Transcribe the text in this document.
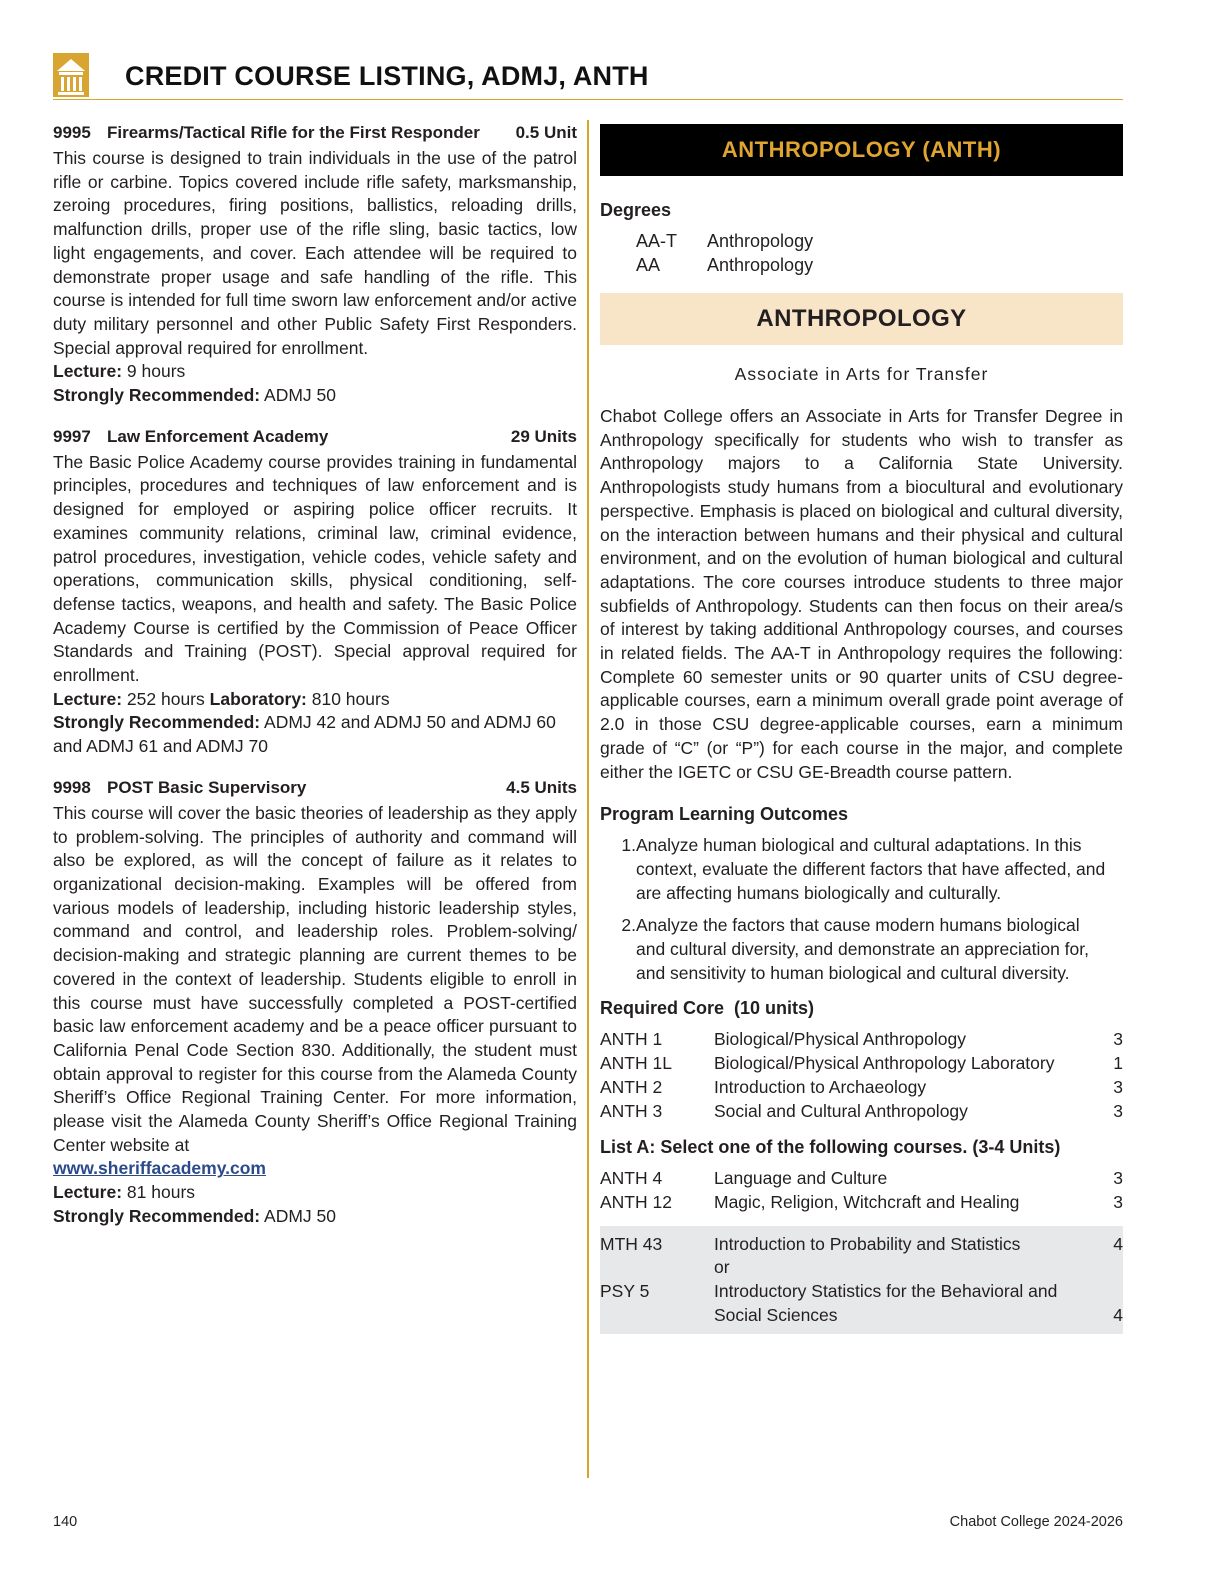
CREDIT COURSE LISTING, ADMJ, ANTH
9995 Firearms/Tactical Rifle for the First Responder	0.5 Unit
This course is designed to train individuals in the use of the patrol rifle or carbine. Topics covered include rifle safety, marksmanship, zeroing procedures, firing positions, ballistics, reloading drills, malfunction drills, proper use of the rifle sling, basic tactics, low light engagements, and cover. Each attendee will be required to demonstrate proper usage and safe handling of the rifle. This course is intended for full time sworn law enforcement and/or active duty military personnel and other Public Safety First Responders. Special approval required for enrollment.
Lecture: 9 hours
Strongly Recommended: ADMJ 50
9997 Law Enforcement Academy	29 Units
The Basic Police Academy course provides training in fundamental principles, procedures and techniques of law enforcement and is designed for employed or aspiring police officer recruits. It examines community relations, criminal law, criminal evidence, patrol procedures, investigation, vehicle codes, vehicle safety and operations, communication skills, physical conditioning, self-defense tactics, weapons, and health and safety. The Basic Police Academy Course is certified by the Commission of Peace Officer Standards and Training (POST). Special approval required for enrollment.
Lecture: 252 hours Laboratory: 810 hours
Strongly Recommended: ADMJ 42 and ADMJ 50 and ADMJ 60 and ADMJ 61 and ADMJ 70
9998 POST Basic Supervisory	4.5 Units
This course will cover the basic theories of leadership as they apply to problem-solving. The principles of authority and command will also be explored, as will the concept of failure as it relates to organizational decision-making. Examples will be offered from various models of leadership, including historic leadership styles, command and control, and leadership roles. Problem-solving/ decision-making and strategic planning are current themes to be covered in the context of leadership. Students eligible to enroll in this course must have successfully completed a POST-certified basic law enforcement academy and be a peace officer pursuant to California Penal Code Section 830. Additionally, the student must obtain approval to register for this course from the Alameda County Sheriff’s Office Regional Training Center. For more information, please visit the Alameda County Sheriff’s Office Regional Training Center website at
www.sheriffacademy.com
Lecture: 81 hours
Strongly Recommended: ADMJ 50
ANTHROPOLOGY (ANTH)
Degrees
AA-T	Anthropology
AA	Anthropology
ANTHROPOLOGY
Associate in Arts for Transfer
Chabot College offers an Associate in Arts for Transfer Degree in Anthropology specifically for students who wish to transfer as Anthropology majors to a California State University. Anthropologists study humans from a biocultural and evolutionary perspective. Emphasis is placed on biological and cultural diversity, on the interaction between humans and their physical and cultural environment, and on the evolution of human biological and cultural adaptations. The core courses introduce students to three major subfields of Anthropology. Students can then focus on their area/s of interest by taking additional Anthropology courses, and courses in related fields. The AA-T in Anthropology requires the following: Complete 60 semester units or 90 quarter units of CSU degree-applicable courses, earn a minimum overall grade point average of 2.0 in those CSU degree-applicable courses, earn a minimum grade of “C” (or “P”) for each course in the major, and complete either the IGETC or CSU GE-Breadth course pattern.
Program Learning Outcomes
1. Analyze human biological and cultural adaptations. In this context, evaluate the different factors that have affected, and are affecting humans biologically and culturally.
2. Analyze the factors that cause modern humans biological and cultural diversity, and demonstrate an appreciation for, and sensitivity to human biological and cultural diversity.
Required Core  (10 units)
ANTH 1	Biological/Physical Anthropology	3
ANTH 1L	Biological/Physical Anthropology Laboratory	1
ANTH 2	Introduction to Archaeology	3
ANTH 3	Social and Cultural Anthropology	3
List A: Select one of the following courses. (3-4 Units)
ANTH 4	Language and Culture	3
ANTH 12	Magic, Religion, Witchcraft and Healing	3
MTH 43	Introduction to Probability and Statistics	4
or
PSY 5	Introductory Statistics for the Behavioral and
Social Sciences	4
140	Chabot College 2024-2026
